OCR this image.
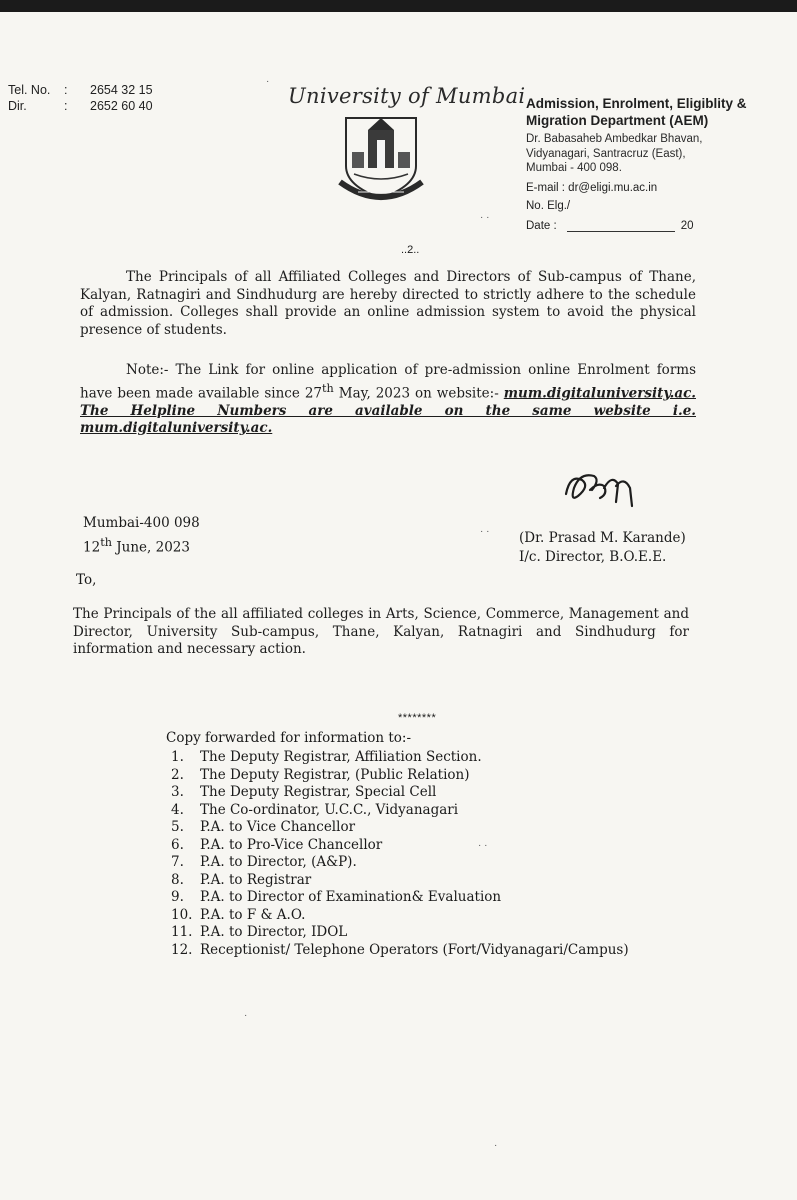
Tel. No. : 2654 32 15
Dir.	: 2652 60 40	University of Mumbai Admission, Enrolment, Eligiblity & Migration Department (AEM)
Dr. Babasaheb Ambedkar Bhavan,
Vidyanagari, Santracruz (East),
Mumbai - 400 098.
E-mail : dr@eligi.mu.ac.in
No. Elg./
Date :	20
..2..
The Principals of all Affiliated Colleges and Directors of Sub-campus of Thane, Kalyan, Ratnagiri and Sindhudurg are hereby directed to strictly adhere to the schedule of admission. Colleges shall provide an online admission system to avoid the physical presence of students.
Note:- The Link for online application of pre-admission online Enrolment forms have been made available since 27th May, 2023 on website:- mum.digitaluniversity.ac. The Helpline Numbers are available on the same website i.e. mum.digitaluniversity.ac.
(Dr. Prasad M. Karande)
I/c. Director, B.O.E.E.
Mumbai-400 098
12th June, 2023
To,
The Principals of the all affiliated colleges in Arts, Science, Commerce, Management and Director, University Sub-campus, Thane, Kalyan, Ratnagiri and Sindhudurg for information and necessary action.
********
Copy forwarded for information to:-
1. The Deputy Registrar, Affiliation Section.
2. The Deputy Registrar, (Public Relation)
3. The Deputy Registrar, Special Cell
4. The Co-ordinator, U.C.C., Vidyanagari
5. P.A. to Vice Chancellor
6. P.A. to Pro-Vice Chancellor
7. P.A. to Director, (A&P).
8. P.A. to Registrar
9. P.A. to Director of Examination& Evaluation
10. P.A. to F & A.O.
11. P.A. to Director, IDOL
12. Receptionist/ Telephone Operators (Fort/Vidyanagari/Campus)
· ·
·
· ·
· ·
·
·
